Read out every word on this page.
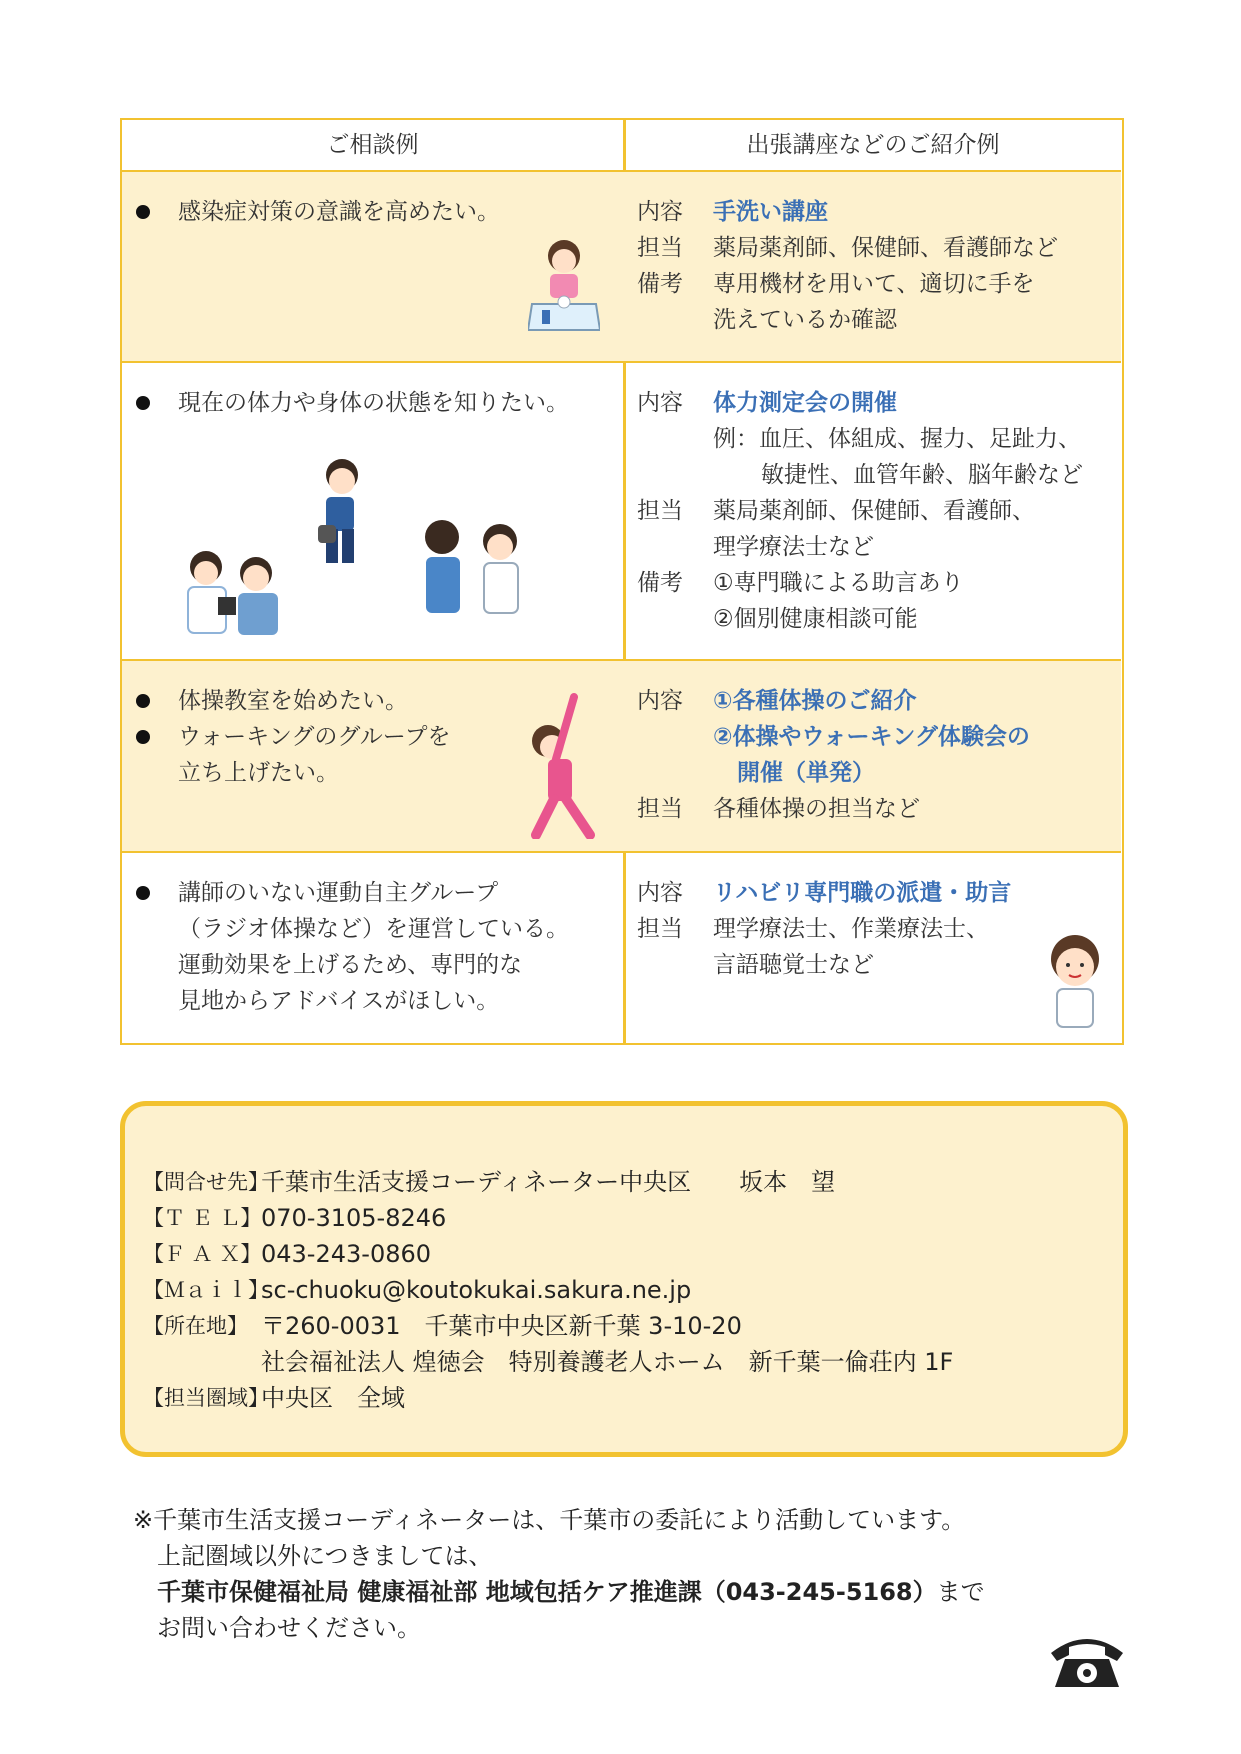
ご相談例	出張講座などのご紹介例
感染症対策の意識を高めたい。	内容 手洗い講座
担当 薬局薬剤師、保健師、看護師など
備考 専用機材を用いて、適切に手を
洗えているか確認
現在の体力や身体の状態を知りたい。	内容 体力測定会の開催
例：血圧、体組成、握力、足趾力、
敏捷性、血管年齢、脳年齢など
担当 薬局薬剤師、保健師、看護師、
理学療法士など
備考 ①専門職による助言あり
②個別健康相談可能
体操教室を始めたい。
ウォーキングのグループを
立ち上げたい。
内容 ①各種体操のご紹介
②体操やウォーキング体験会の
開催（単発）
担当 各種体操の担当など
講師のいない運動自主グループ
（ラジオ体操など）を運営している。
運動効果を上げるため、専門的な
見地からアドバイスがほしい。
内容 リハビリ専門職の派遣・助言
担当 理学療法士、作業療法士、
言語聴覚士など
【問合せ先】
千葉市生活支援コーディネーター中央区　　坂本　望
【Ｔ Ｅ Ｌ】 070-3105-8246
【Ｆ Ａ Ｘ】 043-243-0860
【Ｍａｉｌ】
sc-chuoku@koutokukai.sakura.ne.jp
【所在地】 〒260-0031　千葉市中央区新千葉 3-10-20
社会福祉法人 煌徳会　特別養護老人ホーム　新千葉一倫荘内 1F
【担当圏域】
中央区　全域
※千葉市生活支援コーディネーターは、千葉市の委託により活動しています。
上記圏域以外につきましては、
千葉市保健福祉局 健康福祉部 地域包括ケア推進課（043-245-5168）まで
お問い合わせください。
